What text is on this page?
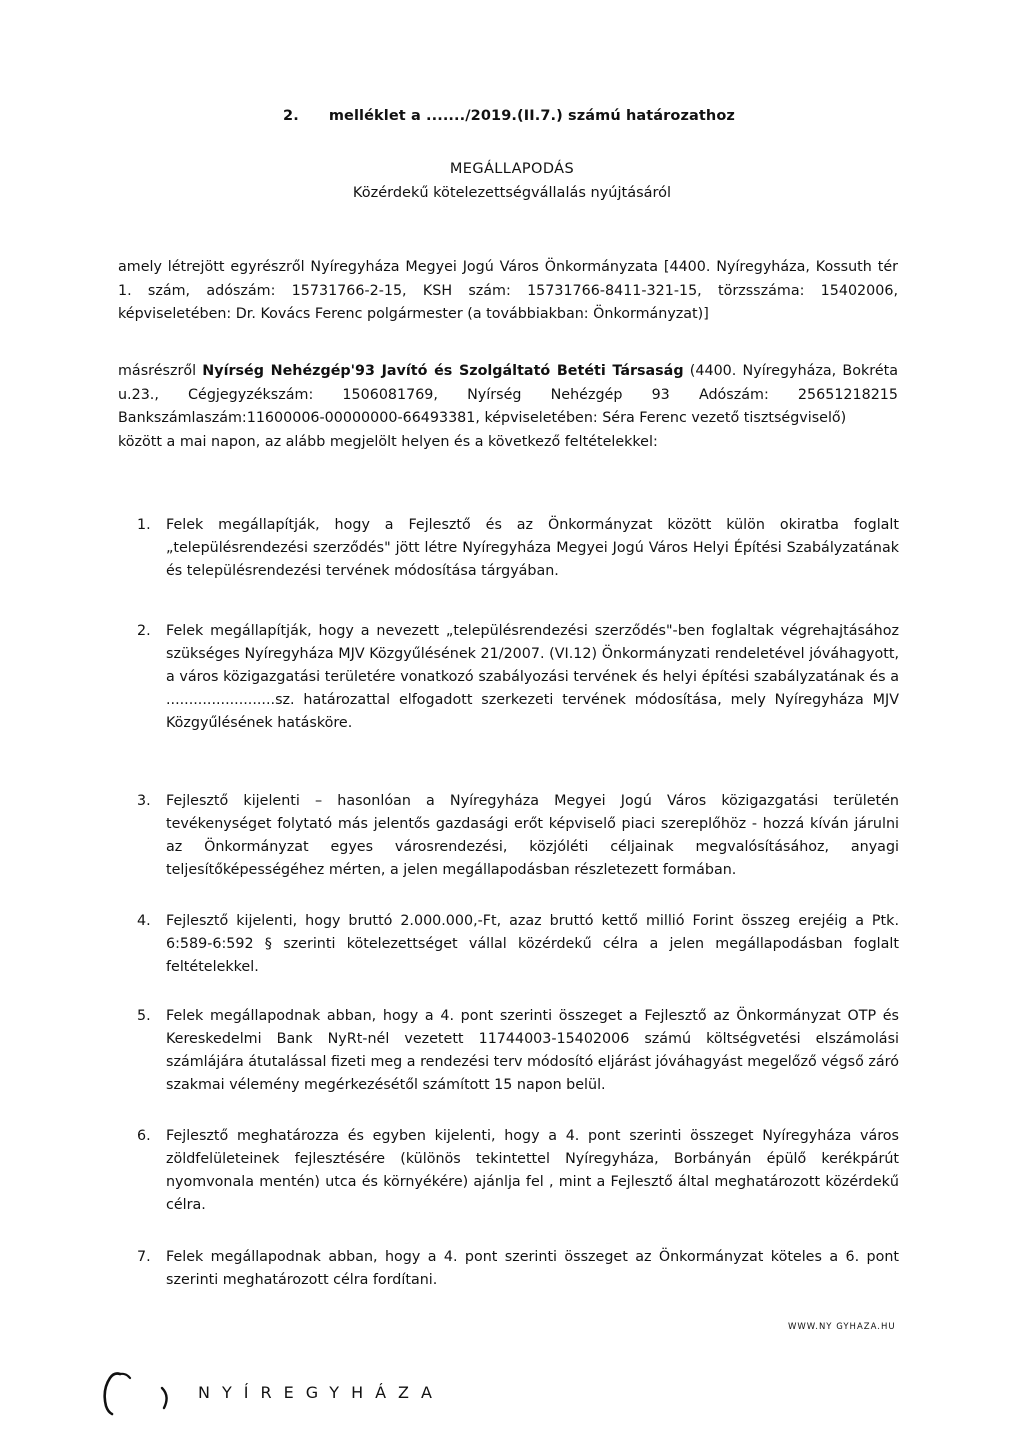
2. melléklet a ......./2019.(II.7.) számú határozathoz
MEGÁLLAPODÁS
Közérdekű kötelezettségvállalás nyújtásáról
amely létrejött egyrészről Nyíregyháza Megyei Jogú Város Önkormányzata [4400. Nyíregyháza, Kossuth tér 1. szám, adószám: 15731766-2-15, KSH szám: 15731766-8411-321-15, törzsszáma: 15402006, képviseletében: Dr. Kovács Ferenc polgármester (a továbbiakban: Önkormányzat)]
másrészről Nyírség Nehézgép'93 Javító és Szolgáltató Betéti Társaság (4400. Nyíregyháza, Bokréta u.23., Cégjegyzékszám: 1506081769, Nyírség Nehézgép 93 Adószám: 25651218215 Bankszámlaszám:11600006-00000000-66493381, képviseletében: Séra Ferenc vezető tisztségviselő)
között a mai napon, az alább megjelölt helyen és a következő feltételekkel:
1.	Felek megállapítják, hogy a Fejlesztő és az Önkormányzat között külön okiratba foglalt „településrendezési szerződés" jött létre Nyíregyháza Megyei Jogú Város Helyi Építési Szabályzatának és településrendezési tervének módosítása tárgyában.
2.	Felek megállapítják, hogy a nevezett „településrendezési szerződés"-ben foglaltak végrehajtásához szükséges Nyíregyháza MJV Közgyűlésének 21/2007. (VI.12) Önkormányzati rendeletével jóváhagyott, a város közigazgatási területére vonatkozó szabályozási tervének és helyi építési szabályzatának és a ........................sz. határozattal elfogadott szerkezeti tervének módosítása, mely Nyíregyháza MJV Közgyűlésének hatásköre.
3.	Fejlesztő kijelenti – hasonlóan a Nyíregyháza Megyei Jogú Város közigazgatási területén tevékenységet folytató más jelentős gazdasági erőt képviselő piaci szereplőhöz - hozzá kíván járulni az Önkormányzat egyes városrendezési, közjóléti céljainak megvalósításához, anyagi teljesítőképességéhez mérten, a jelen megállapodásban részletezett formában.
4.	Fejlesztő kijelenti, hogy bruttó 2.000.000,-Ft, azaz bruttó kettő millió Forint összeg erejéig a Ptk. 6:589-6:592 § szerinti kötelezettséget vállal közérdekű célra a jelen megállapodásban foglalt feltételekkel.
5.	Felek megállapodnak abban, hogy a 4. pont szerinti összeget a Fejlesztő az Önkormányzat OTP és Kereskedelmi Bank NyRt-nél vezetett 11744003-15402006 számú költségvetési elszámolási számlájára átutalással fizeti meg a rendezési terv módosító eljárást jóváhagyást megelőző végső záró szakmai vélemény megérkezésétől számított 15 napon belül.
6.	Fejlesztő meghatározza és egyben kijelenti, hogy a 4. pont szerinti összeget Nyíregyháza város zöldfelületeinek fejlesztésére (különös tekintettel Nyíregyháza, Borbányán épülő kerékpárút nyomvonala mentén) utca és környékére) ajánlja fel , mint a Fejlesztő által meghatározott közérdekű célra.
7.	Felek megállapodnak abban, hogy a 4. pont szerinti összeget az Önkormányzat köteles a 6. pont szerinti meghatározott célra fordítani.
WWW.NY GYHAZA.HU
NYÍREGYHÁZA
